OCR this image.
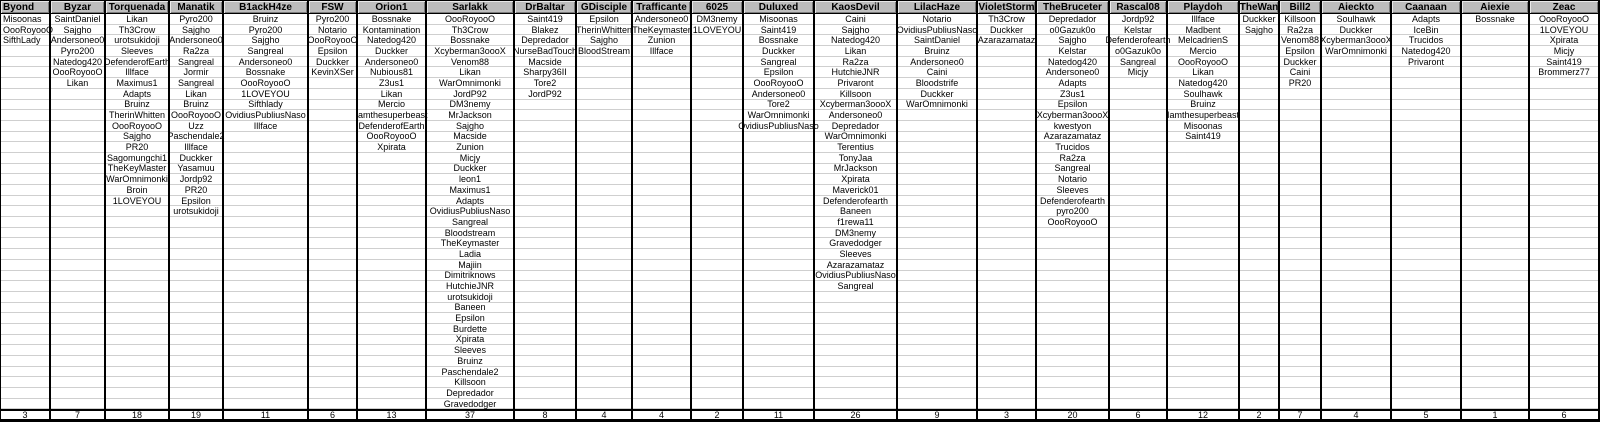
Byond
Misoonas
OooRoyooO
SifthLady
3
Byzar
SaintDaniel
Sajgho
Andersoneo0
Pyro200
Natedog420
OooRoyooO
Likan
7
Torquenada
Likan
Th3Crow
urotsukidoji
Sleeves
DefenderofEarth
Illface
Maximus1
Adapts
Bruinz
TherinWhitten
OooRoyooO
Sajgho
PR20
Sagomungchi1
TheKeyMaster
WarOmnimonki
Broin
1LOVEYOU
18
Manatik
Pyro200
Sajgho
Andersoneo0
Ra2za
Sangreal
Jormir
Sangreal
Likan
Bruinz
OooRoyooO
Uzz
Paschendale2
Illface
Duckker
Yasamuu
Jordp92
PR20
Epsilon
urotsukidoji
19
B1ackH4ze
Bruinz
Pyro200
Sajgho
Sangreal
Andersoneo0
Bossnake
OooRoyooO
1LOVEYOU
Sifthlady
OvidiusPubliusNaso
Illface
11
FSW
Pyro200
Notario
OooRoyooO
Epsilon
Duckker
KevinXSer
6
Orion1
Bossnake
Kontamination
Natedog420
Duckker
Andersoneo0
Nubious81
Z3us1
Likan
Mercio
Iamthesuperbeast
DefenderofEarth
OooRoyooO
Xpirata
13
Sarlakk
OooRoyooO
Th3Crow
Bossnake
Xcyberman3oooX
Venom88
Likan
WarOmnimonki
JordP92
DM3nemy
MrJackson
Sajgho
Macside
Zunion
Micjy
Duckker
leon1
Maximus1
Adapts
OvidiusPubliusNaso
Sangreal
Bloodstream
TheKeymaster
Ladia
Majiin
Dimitriknows
HutchieJNR
urotsukidoji
Baneen
Epsilon
Burdette
Xpirata
Sleeves
Bruinz
Paschendale2
Killsoon
Depredador
Gravedodger
37
DrBaltar
Saint419
Blakez
Depredador
NurseBadTouch
Macside
Sharpy36II
Tore2
JordP92
8
GDisciple
Epsilon
TherinWhitten
Sajgho
BloodStream
4
Trafficante
Andersoneo0
TheKeymaster
Zunion
Illface
4
6025
DM3nemy
1LOVEYOU
2
Duluxed
Misoonas
Saint419
Bossnake
Duckker
Sangreal
Epsilon
OooRoyooO
Andersoneo0
Tore2
WarOmnimonki
OvidiusPubliusNaso
11
KaosDevil
Caini
Sajgho
Natedog420
Likan
Ra2za
HutchieJNR
Privaront
Killsoon
Xcyberman3oooX
Andersoneo0
Depredador
WarOmnimonki
Terentius
TonyJaa
MrJackson
Xpirata
Maverick01
Defenderofearth
Baneen
f1rewa11
DM3nemy
Gravedodger
Sleeves
Azarazamataz
OvidiusPubliusNaso
Sangreal
26
LilacHaze
Notario
OvidiusPubliusNaso
SaintDaniel
Bruinz
Andersoneo0
Caini
Bloodstrife
Duckker
WarOmnimonki
9
VioletStorm
Th3Crow
Duckker
Azarazamataz
3
TheBruceter
Depredador
o0Gazuk0o
Sajgho
Kelstar
Natedog420
Andersoneo0
Adapts
Z3us1
Epsilon
Xcyberman3oooX
kwestyon
Azarazamataz
Trucidos
Ra2za
Sangreal
Notario
Sleeves
Defenderofearth
pyro200
OooRoyooO
20
Rascal08
Jordp92
Kelstar
Defenderofearth
o0Gazuk0o
Sangreal
Micjy
6
Playdoh
Illface
Madbent
MelcadrienS
Mercio
OooRoyooO
Likan
Natedog420
Soulhawk
Bruinz
Iamthesuperbeast
Misoonas
Saint419
12
TheWan
Duckker
Sajgho
2
Bill2
Killsoon
Ra2za
Venom88
Epsilon
Duckker
Caini
PR20
7
Aieckto
Soulhawk
Duckker
Xcyberman3oooX
WarOmnimonki
4
Caanaan
Adapts
IceBin
Trucidos
Natedog420
Privaront
5
Aiexie
Bossnake
1
Zeac
OooRoyooO
1LOVEYOU
Xpirata
Micjy
Saint419
Brommerz77
6
